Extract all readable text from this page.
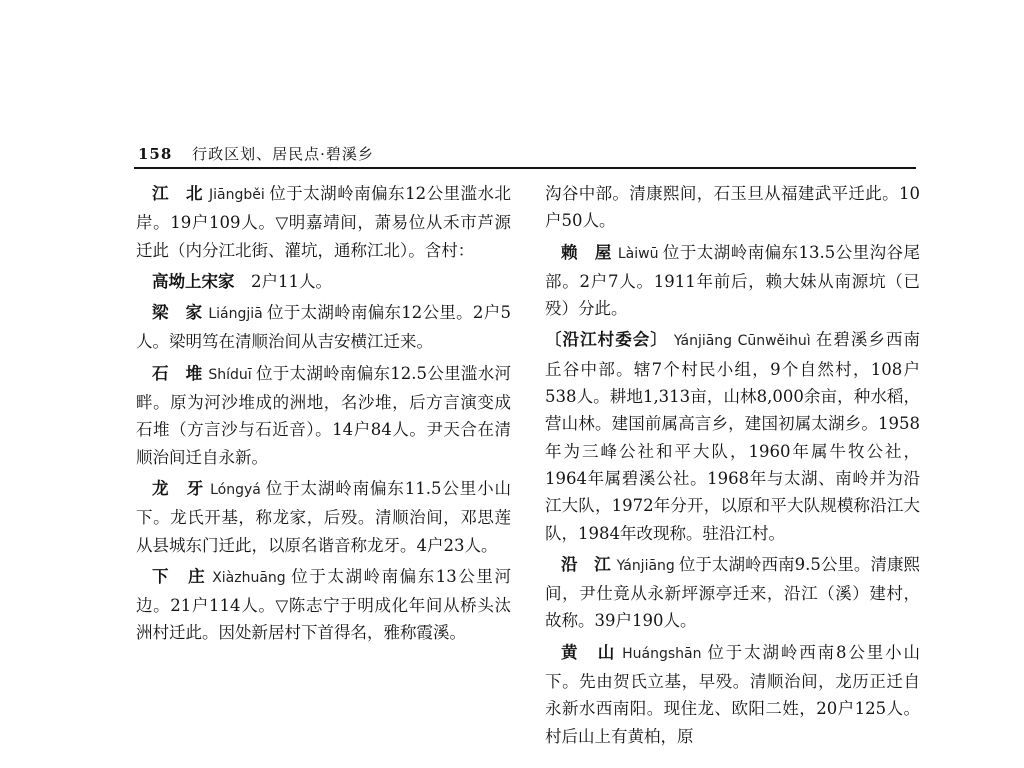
158 行政区划、居民点·碧溪乡

江　北 Jiāngběi 位于太湖岭南偏东12公里滥水北岸。19户109人。▽明嘉靖间，萧易位从禾市芦源迁此（内分江北街、灌坑，通称江北）。含村：

高坳上宋家　 2户11人。

梁　家 Liángjiā 位于太湖岭南偏东12公里。2户5人。梁明笃在清顺治间从吉安横江迁来。

石　堆 Shíduī 位于太湖岭南偏东12.5公里滥水河畔。原为河沙堆成的洲地，名沙堆，后方言演变成石堆（方言沙与石近音）。14户84人。尹天合在清顺治间迁自永新。

龙　牙 Lóngyá 位于太湖岭南偏东11.5公里小山下。龙氏开基，称龙家，后殁。清顺治间，邓思莲从县城东门迁此，以原名谐音称龙牙。4户23人。

下　庄 Xiàzhuāng 位于太湖岭南偏东13公里河边。21户114人。▽陈志宁于明成化年间从桥头汰洲村迁此。因处新居村下首得名，雅称霞溪。

沟谷中部。清康熙间，石玉旦从福建武平迁此。10户50人。

赖　屋 Làiwū 位于太湖岭南偏东13.5公里沟谷尾部。2户7人。1911年前后，赖大妹从南源坑（已殁）分此。

〔沿江村委会〕 Yánjiāng Cūnwěihuì 在碧溪乡西南丘谷中部。辖7个村民小组，9个自然村，108户538人。耕地1,313亩，山林8,000余亩，种水稻，营山林。建国前属高言乡，建国初属太湖乡。1958年为三峰公社和平大队，1960年属牛牧公社，1964年属碧溪公社。1968年与太湖、南岭并为沿江大队，1972年分开，以原和平大队规模称沿江大队，1984年改现称。驻沿江村。

沿　江 Yánjiāng 位于太湖岭西南9.5公里。清康熙间，尹仕竟从永新坪源亭迁来，沿江（溪）建村，故称。39户190人。

黄　山 Huángshān 位于太湖岭西南8公里小山下。先由贺氏立基，早殁。清顺治间，龙历正迁自永新水西南阳。现住龙、欧阳二姓，20户125人。村后山上有黄柏，原
